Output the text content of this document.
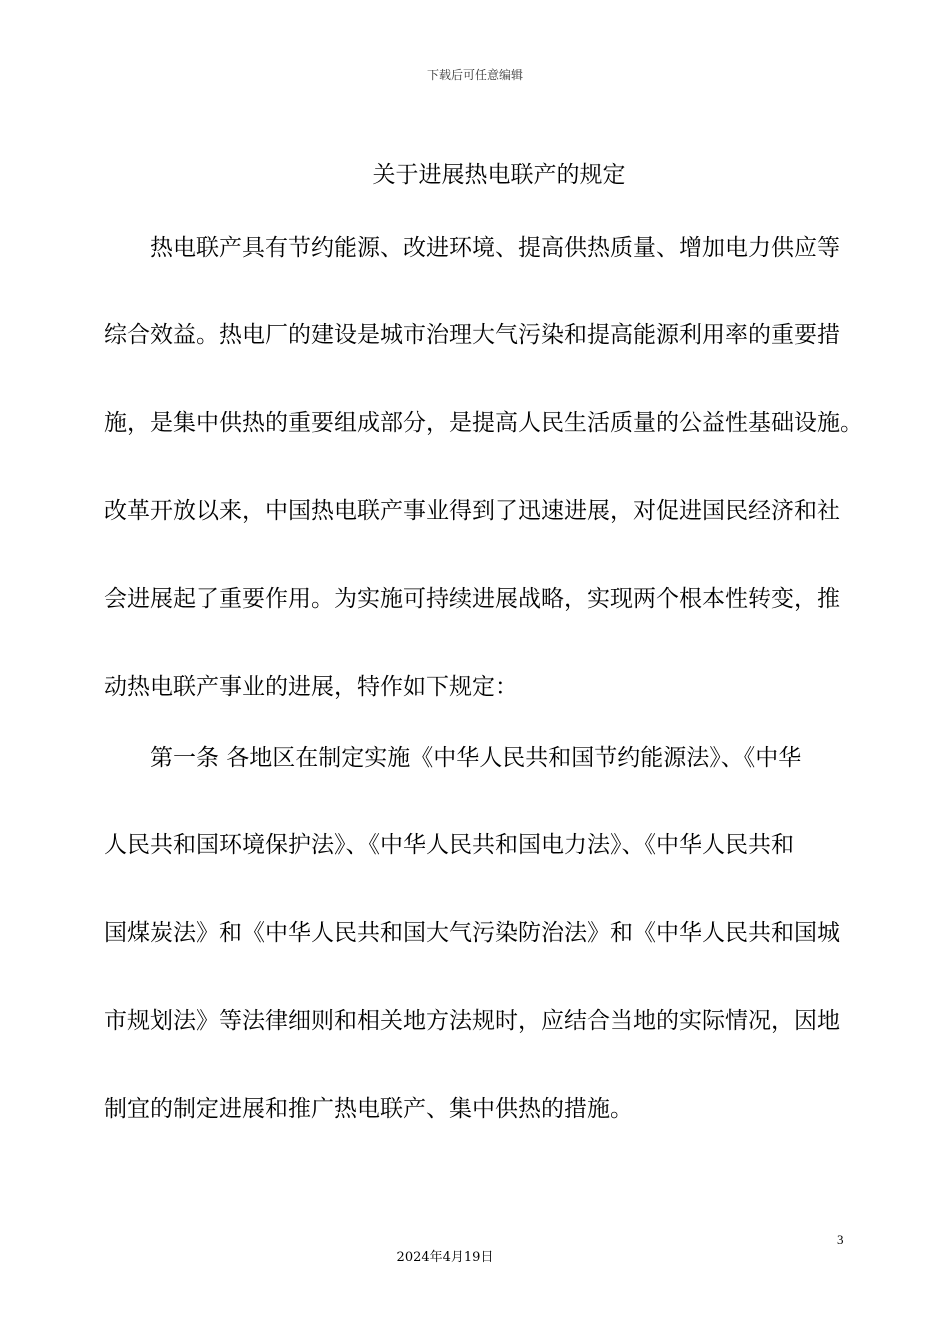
下载后可任意编辑
关于进展热电联产的规定
热电联产具有节约能源、改进环境、提高供热质量、增加电力供应等
综合效益。热电厂的建设是城市治理大气污染和提高能源利用率的重要措
施，是集中供热的重要组成部分，是提高人民生活质量的公益性基础设施。
改革开放以来，中国热电联产事业得到了迅速进展，对促进国民经济和社
会进展起了重要作用。为实施可持续进展战略，实现两个根本性转变，推
动热电联产事业的进展，特作如下规定：
第一条 各地区在制定实施《中华人民共和国节约能源法》、《中华
人民共和国环境保护法》、《中华人民共和国电力法》、《中华人民共和
国煤炭法》和《中华人民共和国大气污染防治法》和《中华人民共和国城
市规划法》等法律细则和相关地方法规时，应结合当地的实际情况，因地
制宜的制定进展和推广热电联产、集中供热的措施。
3
2024年4月19日
